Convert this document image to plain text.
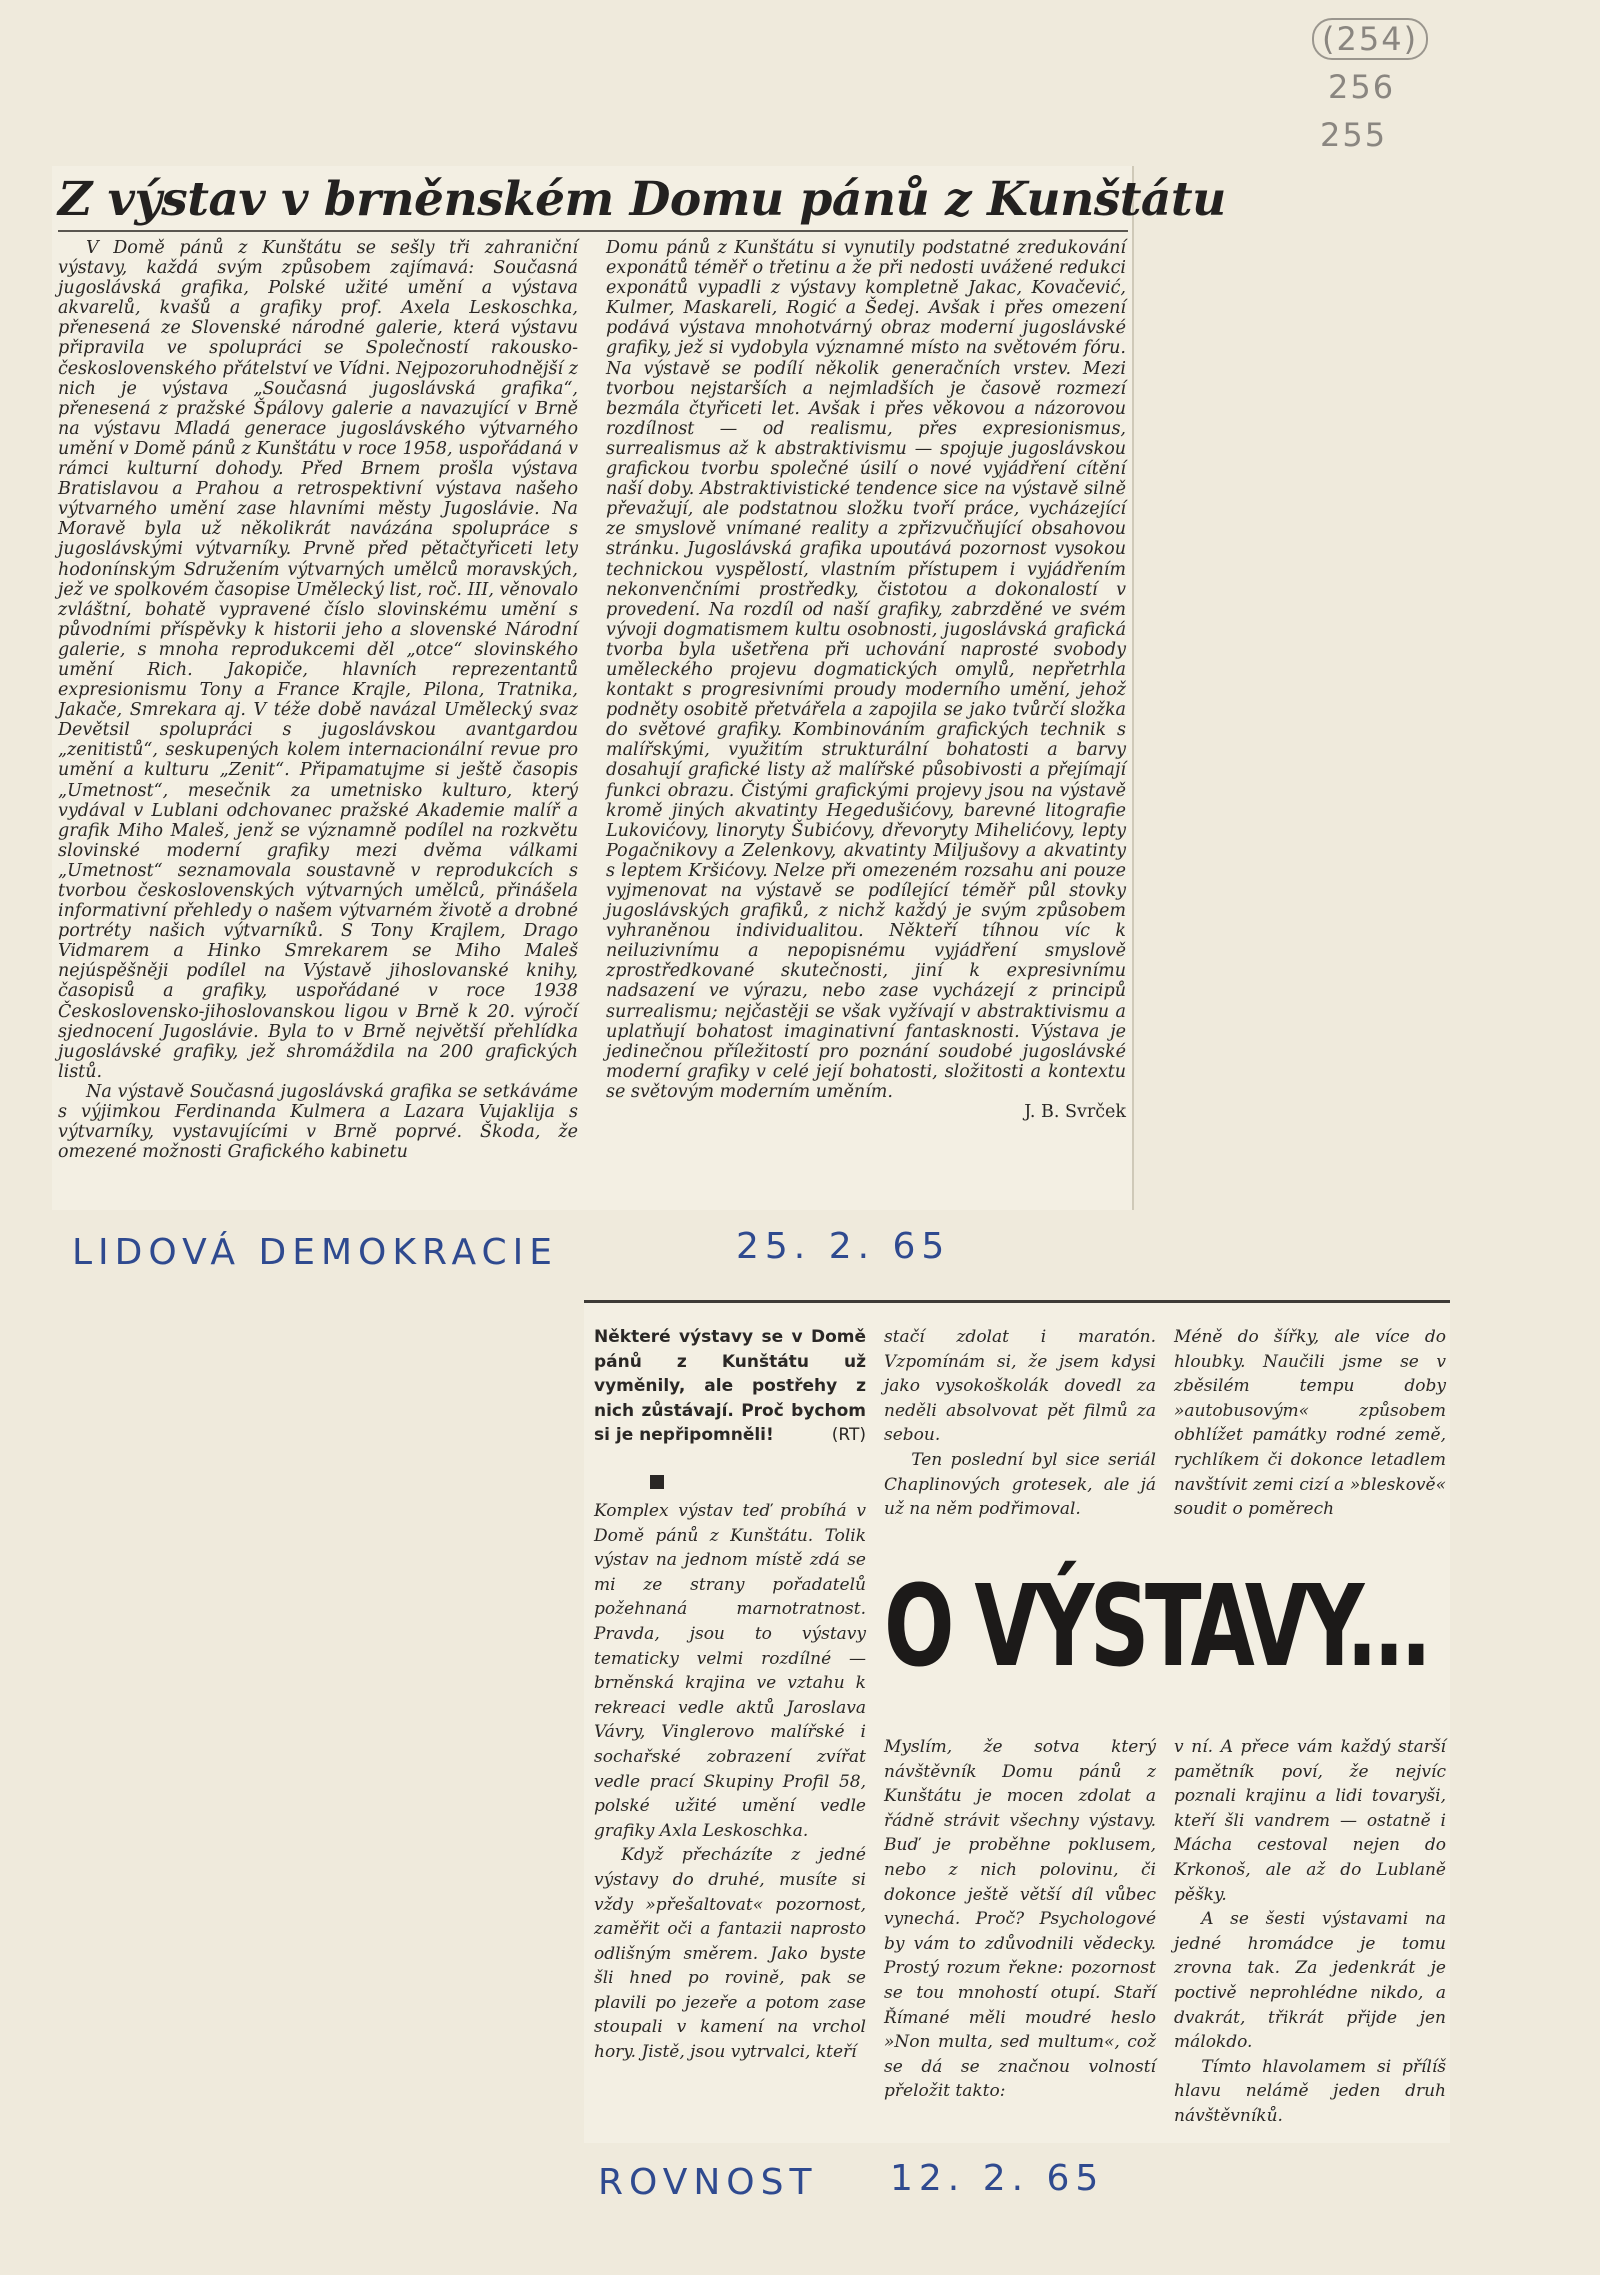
(254)
256
255
Z výstav v brněnském Domu pánů z Kunštátu

V Domě pánů z Kunštátu se sešly tři zahraniční výstavy, každá svým způsobem zajímavá: Současná jugoslávská grafika, Polské užité umění a výstava akvarelů, kvašů a grafiky prof. Axela Leskoschka, přenesená ze Slovenské národné galerie, která výstavu připravila ve spolupráci se Společností rakousko-československého přátelství ve Vídni. Nejpozoruhodnější z nich je výstava „Současná jugoslávská grafika“, přenesená z pražské Špálovy galerie a navazující v Brně na výstavu Mladá generace jugoslávského výtvarného umění v Domě pánů z Kunštátu v roce 1958, uspořádaná v rámci kulturní dohody. Před Brnem prošla výstava Bratislavou a Prahou a retrospektivní výstava našeho výtvarného umění zase hlavními městy Jugoslávie. Na Moravě byla už několikrát navázána spolupráce s jugoslávskými výtvarníky. Prvně před pětačtyřiceti lety hodonínským Sdružením výtvarných umělců moravských, jež ve spolkovém časopise Umělecký list, roč. III, věnovalo zvláštní, bohatě vypravené číslo slovinskému umění s původními příspěvky k historii jeho a slovenské Národní galerie, s mnoha reprodukcemi děl „otce“ slovinského umění Rich. Jakopiče, hlavních reprezentantů expresionismu Tony a France Krajle, Pilona, Tratnika, Jakače, Smrekara aj. V téže době navázal Umělecký svaz Devětsil spolupráci s jugoslávskou avantgardou „zenitistů“, seskupených kolem internacionální revue pro umění a kulturu „Zenit“. Připamatujme si ještě časopis „Umetnost“, mesečnik za umetnisko kulturo, který vydával v Lublani odchovanec pražské Akademie malíř a grafik Miho Maleš, jenž se významně podílel na rozkvětu slovinské moderní grafiky mezi dvěma válkami „Umetnost“ seznamovala soustavně v reprodukcích s tvorbou československých výtvarných umělců, přinášela informativní přehledy o našem výtvarném životě a drobné portréty našich výtvarníků. S Tony Krajlem, Drago Vidmarem a Hinko Smrekarem se Miho Maleš nejúspěšněji podílel na Výstavě jihoslovanské knihy, časopisů a grafiky, uspořádané v roce 1938 Československo-jihoslovanskou ligou v Brně k 20. výročí sjednocení Jugoslávie. Byla to v Brně největší přehlídka jugoslávské grafiky, jež shromáždila na 200 grafických listů.

Na výstavě Současná jugoslávská grafika se setkáváme s výjimkou Ferdinanda Kulmera a Lazara Vujaklija s výtvarníky, vystavujícími v Brně poprvé. Škoda, že omezené možnosti Grafického kabinetu

Domu pánů z Kunštátu si vynutily podstatné zredukování exponátů téměř o třetinu a že při nedosti uvážené redukci exponátů vypadli z výstavy kompletně Jakac, Kovačević, Kulmer, Maskareli, Rogić a Šedej. Avšak i přes omezení podává výstava mnohotvárný obraz moderní jugoslávské grafiky, jež si vydobyla významné místo na světovém fóru. Na výstavě se podílí několik generačních vrstev. Mezi tvorbou nejstarších a nejmladších je časově rozmezí bezmála čtyřiceti let. Avšak i přes věkovou a názorovou rozdílnost — od realismu, přes expresionismus, surrealismus až k abstraktivismu — spojuje jugoslávskou grafickou tvorbu společné úsilí o nové vyjádření cítění naší doby. Abstraktivistické tendence sice na výstavě silně převažují, ale podstatnou složku tvoří práce, vycházející ze smyslově vnímané reality a zpřizvučňující obsahovou stránku. Jugoslávská grafika upoutává pozornost vysokou technickou vyspělostí, vlastním přístupem i vyjádřením nekonvenčními prostředky, čistotou a dokonalostí v provedení. Na rozdíl od naší grafiky, zabrzděné ve svém vývoji dogmatismem kultu osobnosti, jugoslávská grafická tvorba byla ušetřena při uchování naprosté svobody uměleckého projevu dogmatických omylů, nepřetrhla kontakt s progresivními proudy moderního umění, jehož podněty osobitě přetvářela a zapojila se jako tvůrčí složka do světové grafiky. Kombinováním grafických technik s malířskými, využitím strukturální bohatosti a barvy dosahují grafické listy až malířské působivosti a přejímají funkci obrazu. Čistými grafickými projevy jsou na výstavě kromě jiných akvatinty Hegedušićovy, barevné litografie Lukovićovy, linoryty Šubićovy, dřevoryty Mihelićovy, lepty Pogačnikovy a Zelenkovy, akvatinty Miljušovy a akvatinty s leptem Kršićovy. Nelze při omezeném rozsahu ani pouze vyjmenovat na výstavě se podílející téměř půl stovky jugoslávských grafiků, z nichž každý je svým způsobem vyhraněnou individualitou. Někteří tíhnou víc k neiluzivnímu a nepopisnému vyjádření smyslově zprostředkované skutečnosti, jiní k expresivnímu nadsazení ve výrazu, nebo zase vycházejí z principů surrealismu; nejčastěji se však vyžívají v abstraktivismu a uplatňují bohatost imaginativní fantasknosti. Výstava je jedinečnou příležitostí pro poznání soudobé jugoslávské moderní grafiky v celé její bohatosti, složitosti a kontextu se světovým moderním uměním.

J. B. Svrček
LIDOVÁ DEMOKRACIE	25. 2. 65
Některé výstavy se v Domě pánů z Kunštátu už vyměnily, ale postřehy z nich zůstávají. Proč bychom si je nepřipomněli!	(RT)

Komplex výstav teď probíhá v Domě pánů z Kunštátu. Tolik výstav na jednom místě zdá se mi ze strany pořadatelů požehnaná marnotratnost. Pravda, jsou to výstavy tematicky velmi rozdílné — brněnská krajina ve vztahu k rekreaci vedle aktů Jaroslava Vávry, Vinglerovo malířské i sochařské zobrazení zvířat vedle prací Skupiny Profil 58, polské užité umění vedle grafiky Axla Leskoschka.

Když přecházíte z jedné výstavy do druhé, musíte si vždy »přešaltovat« pozornost, zaměřit oči a fantazii naprosto odlišným směrem. Jako byste šli hned po rovině, pak se plavili po jezeře a potom zase stoupali v kamení na vrchol hory. Jistě, jsou vytrvalci, kteří

stačí zdolat i maratón. Vzpomínám si, že jsem kdysi jako vysokoškolák dovedl za neděli absolvovat pět filmů za sebou.

Ten poslední byl sice seriál Chaplinových grotesek, ale já už na něm podřimoval.

Méně do šířky, ale více do hloubky. Naučili jsme se v zběsilém tempu doby »autobusovým« způsobem obhlížet památky rodné země, rychlíkem či dokonce letadlem navštívit zemi cizí a »bleskově« soudit o poměrech

O VÝSTAVY...

Myslím, že sotva který návštěvník Domu pánů z Kunštátu je mocen zdolat a řádně strávit všechny výstavy. Buď je proběhne poklusem, nebo z nich polovinu, či dokonce ještě větší díl vůbec vynechá. Proč? Psychologové by vám to zdůvodnili vědecky. Prostý rozum řekne: pozornost se tou mnohostí otupí. Staří Římané měli moudré heslo »Non multa, sed multum«, což se dá se značnou volností přeložit takto:

v ní. A přece vám každý starší pamětník poví, že nejvíc poznali krajinu a lidi tovaryši, kteří šli vandrem — ostatně i Mácha cestoval nejen do Krkonoš, ale až do Lublaně pěšky.

A se šesti výstavami na jedné hromádce je tomu zrovna tak. Za jedenkrát je poctivě neprohlédne nikdo, a dvakrát, třikrát přijde jen málokdo.

Tímto hlavolamem si přílíš hlavu nelámě jeden druh návštěvníků.

ROVNOST 12. 2. 65
